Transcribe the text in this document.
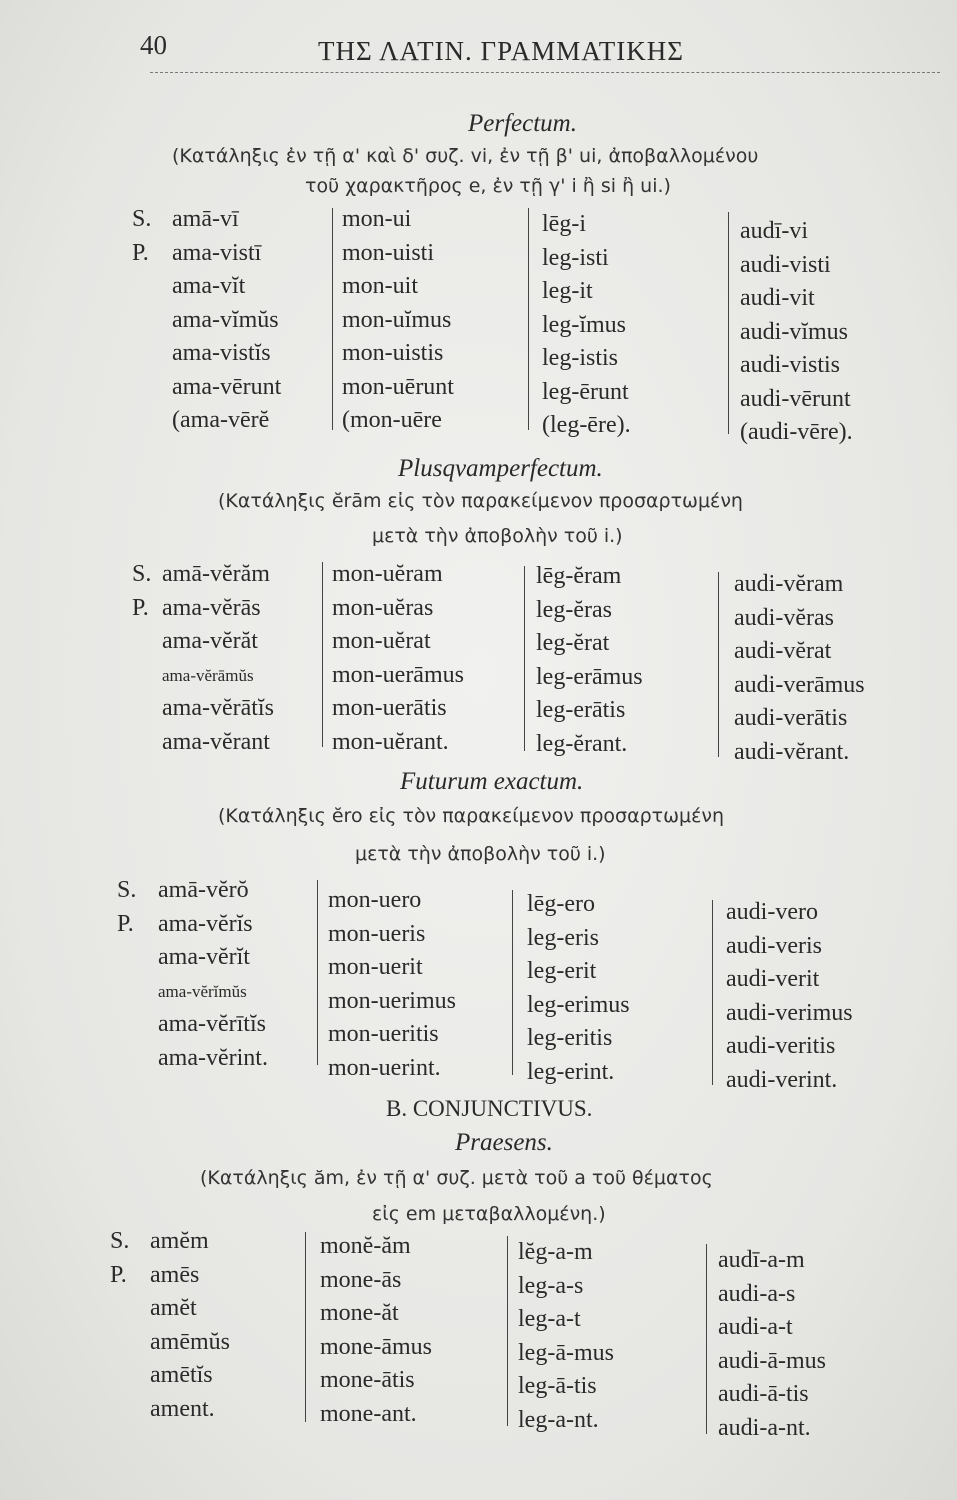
40	ΤΗΣ ΛΑΤΙΝ. ΓΡΑΜΜΑΤΙΚΗΣ
Perfectum.
(Κατάληξις ἐν τῇ α' καὶ δ' συζ. vi, ἐν τῇ β' ui, ἀποβαλλομένου
τοῦ χαρακτῆρος e, ἐν τῇ γ' i ἢ si ἢ ui.)
S.
P.
amā-vī
ama-vistī
ama-vĭt
ama-vĭmŭs
ama-vistĭs
ama-vērunt
(ama-vērĕ
mon-ui
mon-uisti
mon-uit
mon-uĭmus
mon-uistis
mon-uērunt
(mon-uēre
lēg-i
leg-isti
leg-it
leg-ĭmus
leg-istis
leg-ērunt
(leg-ēre).
audī-vi
audi-visti
audi-vit
audi-vĭmus
audi-vistis
audi-vērunt
(audi-vēre).
Plusqvamperfectum.
(Κατάληξις ĕrām εἰς τὸν παρακείμενον προσαρτωμένη
μετὰ τὴν ἀποβολὴν τοῦ i.)
S.
P.
amā-vĕrăm
ama-vĕrās
ama-vĕrăt
ama-vĕrāmŭs
ama-vĕrātĭs
ama-vĕrant
mon-uĕram
mon-uĕras
mon-uĕrat
mon-uerāmus
mon-uerātis
mon-uĕrant.
lēg-ĕram
leg-ĕras
leg-ĕrat
leg-erāmus
leg-erātis
leg-ĕrant.
audi-vĕram
audi-vĕras
audi-vĕrat
audi-verāmus
audi-verātis
audi-vĕrant.
Futurum exactum.
(Κατάληξις ĕro εἰς τὸν παρακείμενον προσαρτωμένη
μετὰ τὴν ἀποβολὴν τοῦ i.)
S.
P.
amā-vĕrŏ
ama-vĕrĭs
ama-vĕrĭt
ama-vĕrĭmŭs
ama-vĕrītĭs
ama-vĕrint.
mon-uero
mon-ueris
mon-uerit
mon-uerimus
mon-ueritis
mon-uerint.
lēg-ero
leg-eris
leg-erit
leg-erimus
leg-eritis
leg-erint.
audi-vero
audi-veris
audi-verit
audi-verimus
audi-veritis
audi-verint.
B. CONJUNCTIVUS.
Praesens.
(Κατάληξις ăm, ἐν τῇ α' συζ. μετὰ τοῦ a τοῦ θέματος
εἰς em μεταβαλλομένη.)
S.
P.
amĕm
amēs
amĕt
amēmŭs
amētĭs
ament.
monĕ-ăm
mone-ās
mone-ăt
mone-āmus
mone-ātis
mone-ant.
lĕg-a-m
leg-a-s
leg-a-t
leg-ā-mus
leg-ā-tis
leg-a-nt.
audī-a-m
audi-a-s
audi-a-t
audi-ā-mus
audi-ā-tis
audi-a-nt.
